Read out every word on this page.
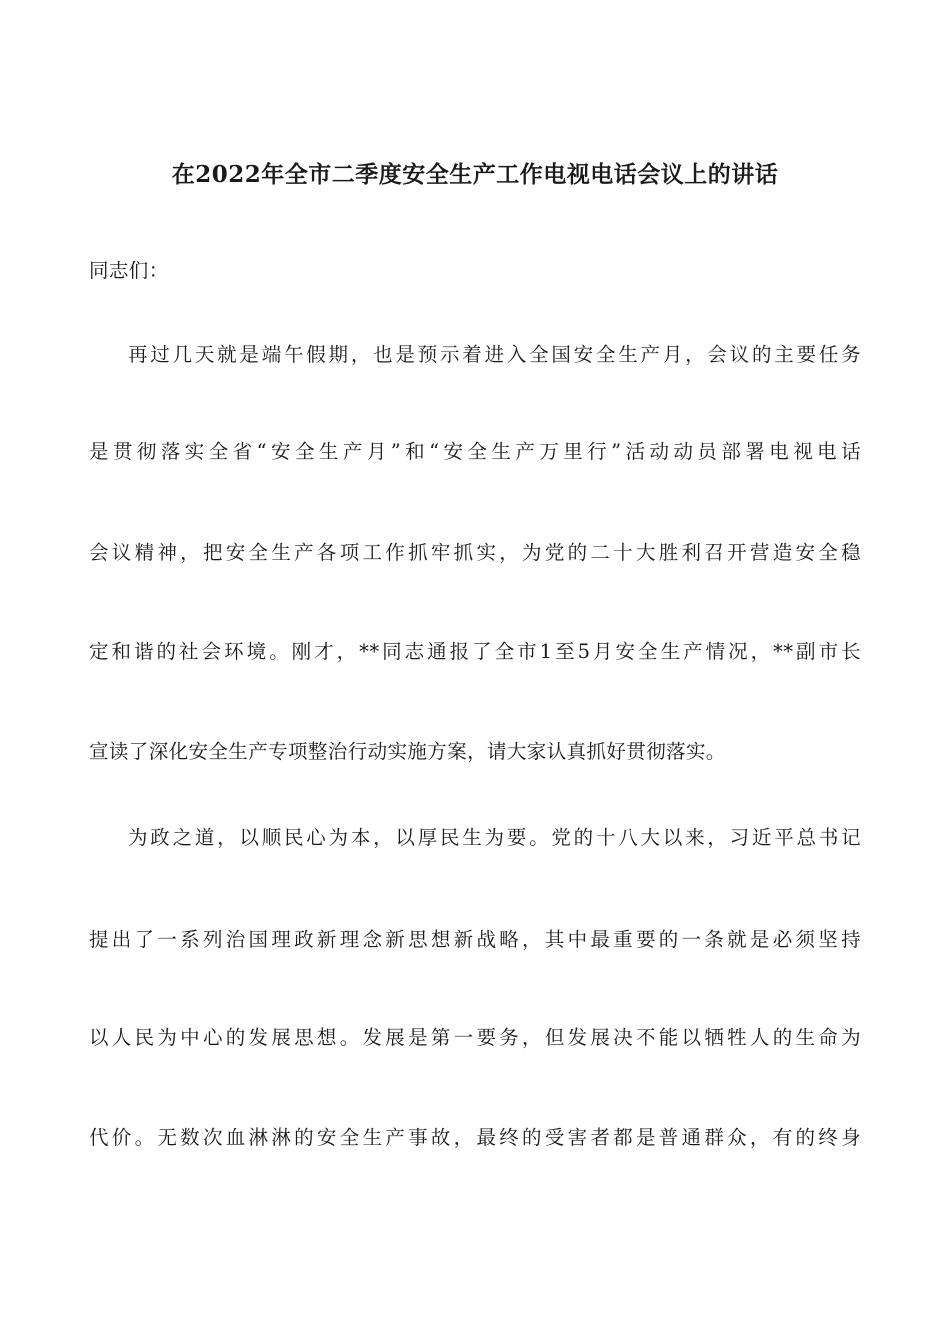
在2022年全市二季度安全生产工作电视电话会议上的讲话
同志们：
再过几天就是端午假期，也是预示着进入全国安全生产月，会议的主要任务
是贯彻落实全省“安全生产月”和“安全生产万里行”活动动员部署电视电话
会议精神，把安全生产各项工作抓牢抓实，为党的二十大胜利召开营造安全稳
定和谐的社会环境。刚才，**同志通报了全市1至5月安全生产情况，**副市长
宣读了深化安全生产专项整治行动实施方案，请大家认真抓好贯彻落实。
为政之道，以顺民心为本，以厚民生为要。党的十八大以来，习近平总书记
提出了一系列治国理政新理念新思想新战略，其中最重要的一条就是必须坚持
以人民为中心的发展思想。发展是第一要务，但发展决不能以牺牲人的生命为
代价。无数次血淋淋的安全生产事故，最终的受害者都是普通群众，有的终身
